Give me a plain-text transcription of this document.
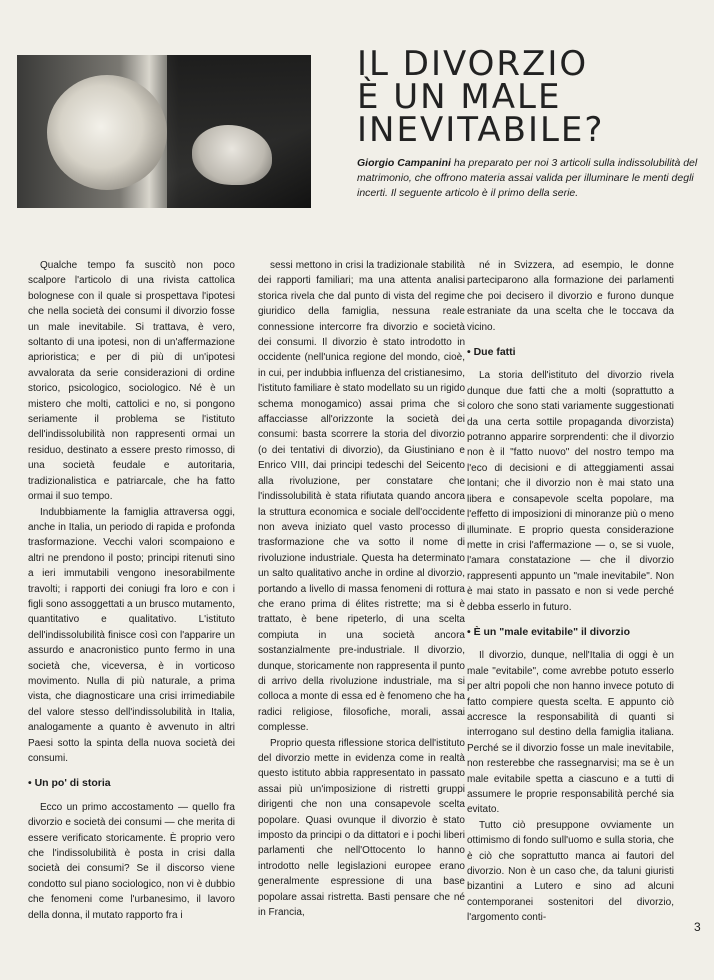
IL DIVORZIO
È UN MALE
INEVITABILE?

Giorgio Campanini ha preparato per noi 3 articoli sulla indissolubilità del matrimonio, che offrono materia assai valida per illuminare le menti degli incerti. Il seguente articolo è il primo della serie.

Qualche tempo fa suscitò non poco scalpore l'articolo di una rivista cattolica bolognese con il quale si prospettava l'ipotesi che nella società dei consumi il divorzio fosse un male inevitabile. Si trattava, è vero, soltanto di una ipotesi, non di un'affermazione aprioristica; e per di più di un'ipotesi avvalorata da serie considerazioni di ordine storico, psicologico, sociologico. Né è un mistero che molti, cattolici e no, si pongono seriamente il problema se l'istituto dell'indissolubilità non rappresenti ormai un residuo, destinato a essere presto rimosso, di una società feudale e autoritaria, tradizionalistica e patriarcale, che ha fatto ormai il suo tempo.

Indubbiamente la famiglia attraversa oggi, anche in Italia, un periodo di rapida e profonda trasformazione. Vecchi valori scompaiono e altri ne prendono il posto; principi ritenuti sino a ieri immutabili vengono inesorabilmente travolti; i rapporti dei coniugi fra loro e con i figli sono assoggettati a un brusco mutamento, quantitativo e qualitativo. L'istituto dell'indissolubilità finisce così con l'apparire un assurdo e anacronistico punto fermo in una società che, viceversa, è in vorticoso movimento. Nulla di più naturale, a prima vista, che diagnosticare una crisi irrimediabile del valore stesso dell'indissolubilità in Italia, analogamente a quanto è avvenuto in altri Paesi sotto la spinta della nuova società dei consumi.

• Un po' di storia

Ecco un primo accostamento — quello fra divorzio e società dei consumi — che merita di essere verificato storicamente. È proprio vero che l'indissolubilità è posta in crisi dalla società dei consumi? Se il discorso viene condotto sul piano sociologico, non vi è dubbio che fenomeni come l'urbanesimo, il lavoro della donna, il mutato rapporto fra i

sessi mettono in crisi la tradizionale stabilità dei rapporti familiari; ma una attenta analisi storica rivela che dal punto di vista del regime giuridico della famiglia, nessuna reale connessione intercorre fra divorzio e società dei consumi. Il divorzio è stato introdotto in occidente (nell'unica regione del mondo, cioè, in cui, per indubbia influenza del cristianesimo, l'istituto familiare è stato modellato su un rigido schema monogamico) assai prima che si affacciasse all'orizzonte la società dei consumi: basta scorrere la storia del divorzio (o dei tentativi di divorzio), da Giustiniano e Enrico VIII, dai principi tedeschi del Seicento alla rivoluzione, per constatare che l'indissolubilità è stata rifiutata quando ancora la struttura economica e sociale dell'occidente non aveva iniziato quel vasto processo di trasformazione che va sotto il nome di rivoluzione industriale. Questa ha determinato un salto qualitativo anche in ordine al divorzio, portando a livello di massa fenomeni di rottura che erano prima di élites ristrette; ma si è trattato, è bene ripeterlo, di una scelta compiuta in una società ancora sostanzialmente pre-industriale. Il divorzio, dunque, storicamente non rappresenta il punto di arrivo della rivoluzione industriale, ma si colloca a monte di essa ed è fenomeno che ha radici religiose, filosofiche, morali, assai complesse.

Proprio questa riflessione storica dell'istituto del divorzio mette in evidenza come in realtà questo istituto abbia rappresentato in passato assai più un'imposizione di ristretti gruppi dirigenti che non una consapevole scelta popolare. Quasi ovunque il divorzio è stato imposto da principi o da dittatori e i pochi liberi parlamenti che nell'Ottocento lo hanno introdotto nelle legislazioni europee erano generalmente espressione di una base popolare assai ristretta. Basti pensare che né in Francia,

né in Svizzera, ad esempio, le donne parteciparono alla formazione dei parlamenti che poi decisero il divorzio e furono dunque estraniate da una scelta che le toccava da vicino.

• Due fatti

La storia dell'istituto del divorzio rivela dunque due fatti che a molti (soprattutto a coloro che sono stati variamente suggestionati da una certa sottile propaganda divorzista) potranno apparire sorprendenti: che il divorzio non è il "fatto nuovo" del nostro tempo ma l'eco di decisioni e di atteggiamenti assai lontani; che il divorzio non è mai stato una libera e consapevole scelta popolare, ma l'effetto di imposizioni di minoranze più o meno illuminate. E proprio questa considerazione mette in crisi l'affermazione — o, se si vuole, l'amara constatazione — che il divorzio rappresenti appunto un "male inevitabile". Non è mai stato in passato e non si vede perché debba esserlo in futuro.

• È un "male evitabile" il divorzio

Il divorzio, dunque, nell'Italia di oggi è un male "evitabile", come avrebbe potuto esserlo per altri popoli che non hanno invece potuto di fatto compiere questa scelta. E appunto ciò accresce la responsabilità di quanti si interrogano sul destino della famiglia italiana. Perché se il divorzio fosse un male inevitabile, non resterebbe che rassegnarvisi; ma se è un male evitabile spetta a ciascuno e a tutti di assumere le proprie responsabilità perché sia evitato.

Tutto ciò presuppone ovviamente un ottimismo di fondo sull'uomo e sulla storia, che è ciò che soprattutto manca ai fautori del divorzio. Non è un caso che, da taluni giuristi bizantini a Lutero e sino ad alcuni contemporanei sostenitori del divorzio, l'argomento conti-

3
